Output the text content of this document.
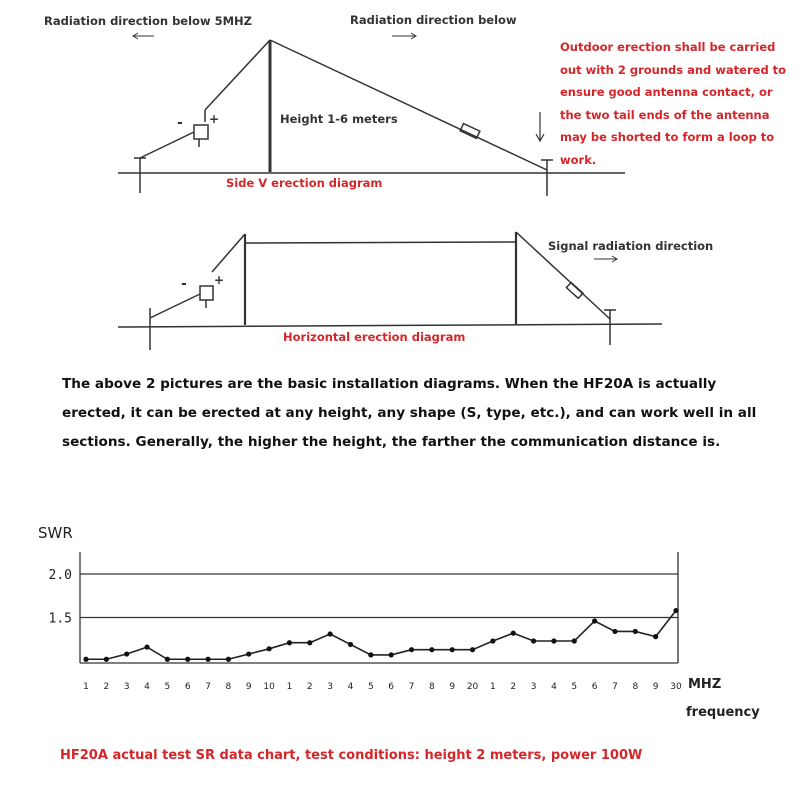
Radiation direction below 5MHZ	Radiation direction below
Height 1-6 meters
Side V erection diagram
- +
Outdoor erection shall be carried out with 2 grounds and watered to ensure good antenna contact, or the two tail ends of the antenna may be shorted to form a loop to work.
Signal radiation direction
Horizontal erection diagram
- +
The above 2 pictures are the basic installation diagrams. When the HF20A is actually erected, it can be erected at any height, any shape (S, type, etc.), and can work well in all sections. Generally, the higher the height, the farther the communication distance is.
SWR
1.5
2.0
1 2 3 4 5 6 7 8 9 10 1 2 3 4 5 6 7 8 9 20 1 2 3 4 5 6 7 8 9 30 MHZ
frequency
HF20A actual test SR data chart, test conditions: height 2 meters, power 100W
